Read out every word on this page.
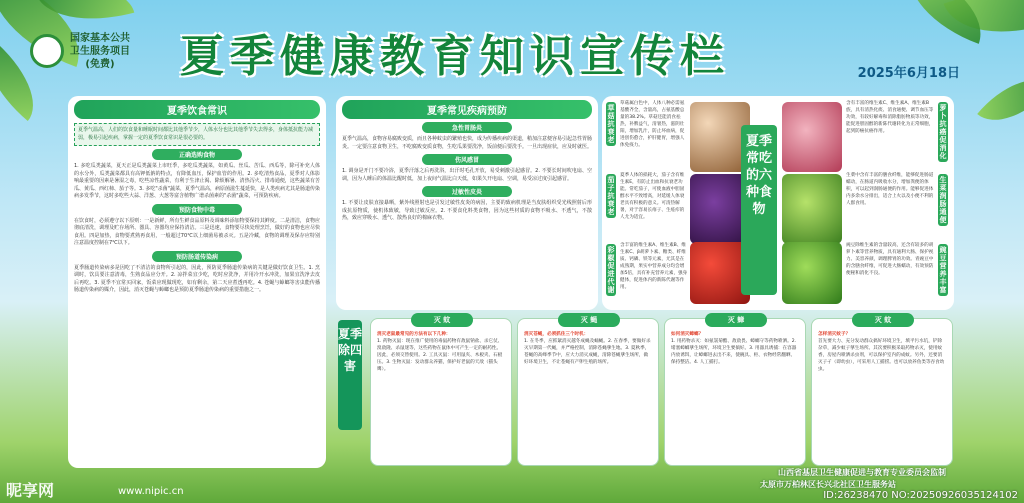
国家基本公共
卫生服务项目
(免费)	夏季健康教育知识宣传栏	2025年6月18日
夏季饮食常识
夏季气温高，人们的饮食量和睡眠时间都比其他季节少，人体水分也比其他季节失去得多，身体抵抗能力减弱，极易引起疾病，掌握一定的夏季饮食常识是很必要的。
正确选购食物
1. 多吃瓜类蔬菜，夏天正是瓜类蔬菜上市旺季，多吃瓜类蔬菜，如黄瓜、丝瓜、苦瓜、西瓜等，除可补充人体的水分外，瓜类蔬菜都具有高钾低钠的特点，有降低血压，保护血管的作用。2. 多吃清热食品，夏季对人体影响最重要的因素是暑湿之毒，吃些凉性蔬菜，有利于生津止渴、除烦解暑、清热泻火、排毒通便，这些蔬菜有苦瓜、黄瓜、西红柿、茄子等。3. 多吃"杀菌"蔬菜，夏季气温高，病原菌滋生蔓延快，是人类疾病尤其是肠道传染病多发季节，这时多吃些大蒜、洋葱、大葱等富含植物广谱杀菌素的"杀菌"蔬菜，可预防疾病。
预防食物中毒
在饮食时，必须遵守以下原则：一是新鲜，所有生鲜食品原料及调味料添加物要保持其鲜度。二是清洁，食物应彻底清洗，调理及贮存场所、器具、容器均应保持清洁。三是迅速，食物要尽快处理烹饪，做好的食物也应尽快食用。四是加热，食物要煮熟再食用，一般超过70℃以上细菌易被杀灭。五是冷藏，食物的调理及保存应特别注意温度控制在7℃以下。
预防肠道传染病
夏季肠道传染病多是因吃了不清洁的食物所引起的，因此，预防夏季肠道传染病的关键是做好饮食卫生。1. 烹调时，饮具要注意清毒，生熟食品应分开。2. 凉拌菜宜少吃，吃时应洗净，并用冷开水冲洗，加果宜洗净去皮后再吃。3. 夏季不宜常买回家，饭菜应现做现吃，如有剩余，第二天应煮透再吃。4. 苍蝇与蟑螂等害虫能传播肠道传染病的媒介，因此，消灭苍蝇与蟑螂也是预防夏季肠道传染病的重要措施之一。
夏季常见疾病预防
急性胃肠炎
夏季气温高，食物容易腐败变质，而且各种蚊虫的繁殖也快，成为传播疾病的渠道，稍加注意便容易引起急性胃肠炎。一定要注意食物卫生，不吃腐败变质食物，生吃瓜果要洗净，饭前便后要洗手。一旦出现症状，应及时就医。
伤风感冒
1. 调身是开门不要冷浴，夏季汗落之后再洗浴，出汗时毛孔开放，易受刺激引起感冒。2. 不要长时间吹电扇、空调，因为人睡后的体温比醒时低，加上夜间气温比白天低，如果久开电扇、空调，易受凉过度引起感冒。
过敏性皮炎
1. 不要让皮肤直接暴晒，紫外线照射也是引发过敏性皮炎的病因，主要的致病机理是当皮肤组织受光线照射后形成抗原物质，使机体致敏，导致过敏反应。2. 不要食化料类食物，因为这些材质的食物不吸水、不透气，不散热，致应穿吸水、透气、散热良好的棉麻衣物。
草菇抗衰老
草菇属白色中，人体八种必需氨基酸齐全，含量高，占氨基酸总量的38.2%。草菇还能消食祛热，补脾益气，清暑热，滋阴壮阳，增加乳汁，防止坏血病，促进创伤愈合，护肝健胃，增强人体免疫力。
茄子抗衰老
夏季人体的损耗大，茄子含有维生素E，有防止出血和抗衰老功能。常吃茄子，可使血液中胆固醇水平不致增高，对延缓人体衰老具有积极的意义。可清热解暑，对于容易长痱子、生疮疖的人尤为适宜。
彩椒促进代谢
含丰富的维生素A、维生素B、维生素C、β胡萝卜素、糖类、纤维质、钙磷、铁等元素，尤其是在成熟期，果实中营养成分均会增加5倍，具有补充营养元素，强身健体，促进体内的新陈代谢等作用。
含有丰富的维生素C、维生素A、维生素B族，具有清热化痰、消食通便、调节血压等功效，有较好解毒和消除脂肪物质等功效，能促进胆固醇的新陈代谢转化为正常细胞，起到防癌抗癌作用。
萝卜抗癌促消化
生菜中含有丰富的膳食纤维，能够促进肠道蠕动，在肠道内吸收水分，增加粪便的体积，可以起到润肠通便的作用。能够促进体内多余水分排出，适合上火以及小便不利的人群食用。
生菜润肠通便
豌豆除维生素的含量较高，还含有较多的胡萝卜素等营养物质，具有通利大肠、保护视力、美容养颜，调理脾胃的功效。青豌豆中的含膳食纤维，可促进大肠蠕动，有效预防便秘和消化不良。
豌豆营养丰富
夏季常吃的六种食物
夏季除四害
灭 蚊
消灭老鼠最常见的方法有以下几种：
1. 药物灭鼠：现在推广使用的毒鼠药物有敌鼠钠盐、杀它仗、溴敌隆、杀鼠迷等，这些药物在鼠体中可产生一定的耐药性。因此，必须交替使用。2. 工具灭鼠：可用鼠夹、木板夹、石板压。3. 生物灭鼠：发动群众养猫，保护好老鼠的天敌（猫头鹰）。
灭 蝇
消灭苍蝇，必须抓住三个时机：
1. 在冬季，应抓紧消灭越冬成蝇及蛹蝇。2. 在春季，要做好杀灭早期第一代蝇，并严格控制，消除苍蝇孳生地。3. 夏秋季，苍蝇的高峰季节中，应大力消灭成蝇，清除苍蝇孳生场所，做好环境卫生，不让苍蝇有产卵生殖的场所。
灭 蟑
如何消灭蟑螂？
1. 用药物杀灭：如氨氯菊酯、敌敌畏、蟑螂守等药物喷洒。2. 堵塞蟑螂孳生场所，环境卫生要搞好。3. 用器具诱捕：在容器内放诱饵，让蟑螂进去出不来，使碗具、柜、衣物经常翻晒、保持整洁。4. 人工捕打。
灭 蚊
怎样消灭蚊子？
首先要大力、充分发动群众搞好环境卫生，填平污水坑，铲除杂草，减少蚊子孳生场所。其次要积极采取药物杀灭，使用蚊香，房屋内喷洒杀虫剂，可以保护室内的成蚊。另外，还要消灭子孑（即幼虫），可采用人工捕捞。也可以放养鱼类等吞食幼虫。
山西省基层卫生健康促进与教育专业委员会监制
太原市万柏林区长兴北社区卫生服务站
昵享网	www.nipic.cn	ID:26238470 NO:20250926035124102
